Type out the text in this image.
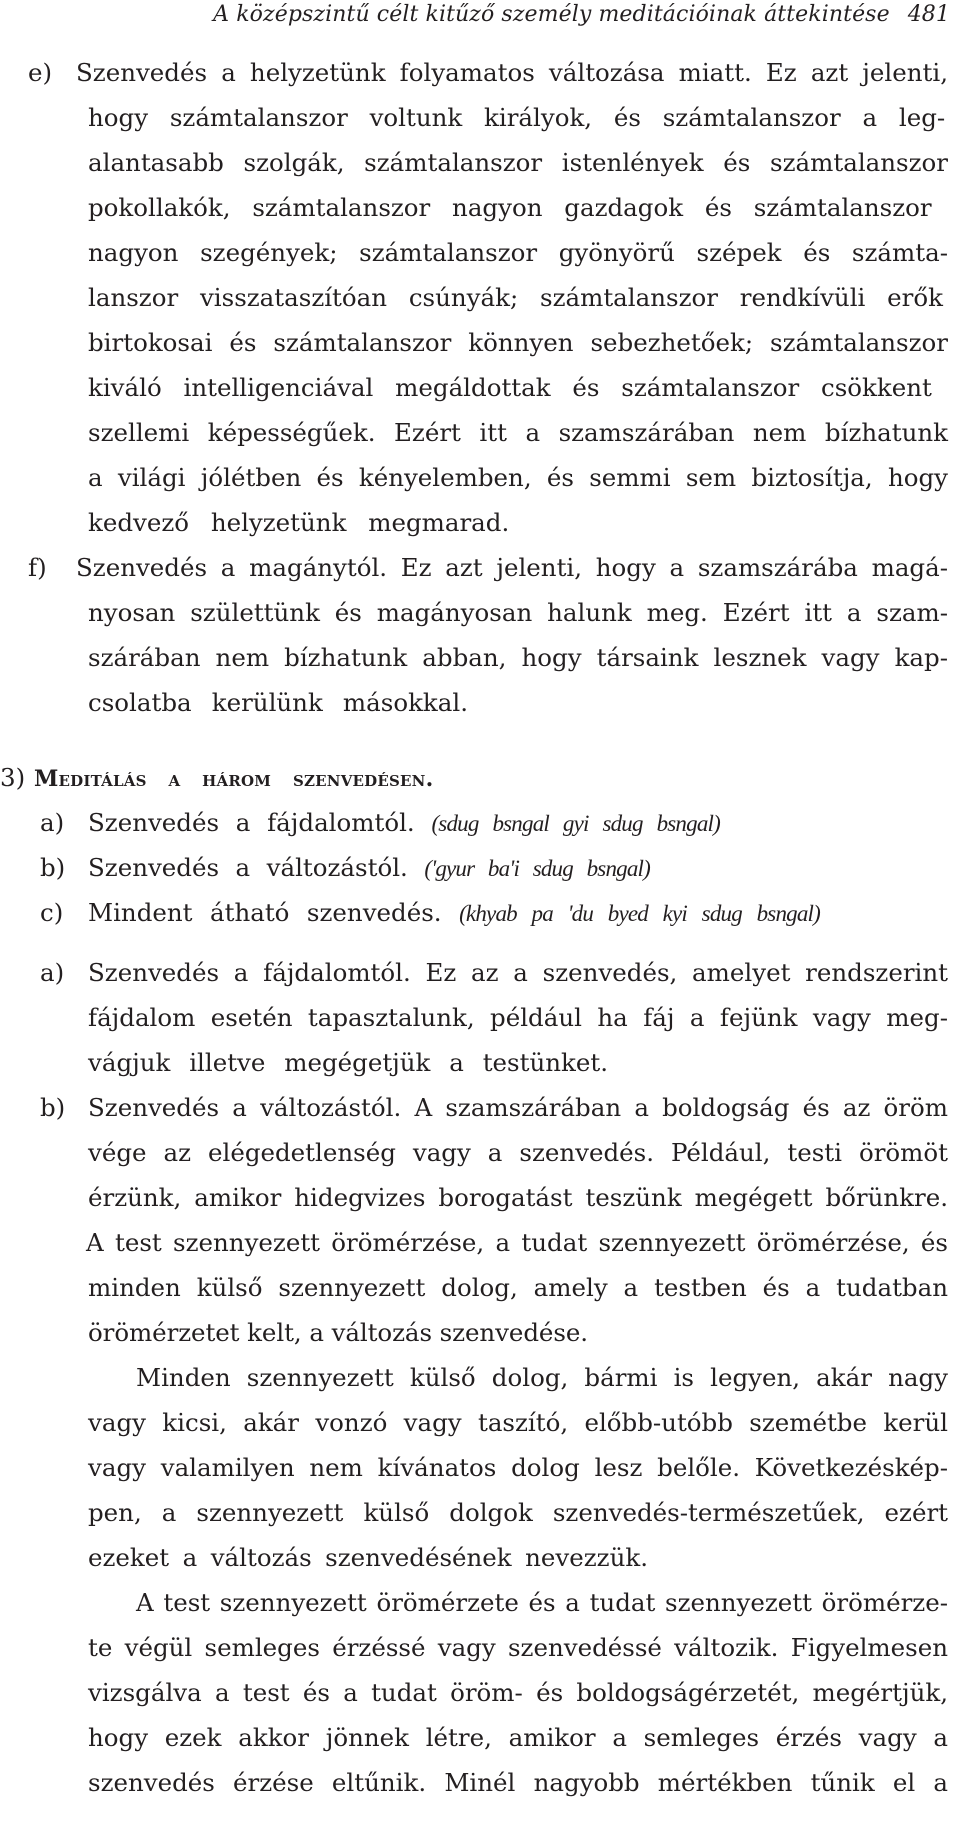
A középszintű célt kitűző személy meditációinak áttekintése 481
e) Szenvedés a helyzetünk folyamatos változása miatt. Ez azt jelenti,
hogy számtalanszor voltunk királyok, és számtalanszor a leg-
alantasabb szolgák, számtalanszor istenlények és számtalanszor
pokollakók, számtalanszor nagyon gazdagok és számtalanszor
nagyon szegények; számtalanszor gyönyörű szépek és számta-
lanszor visszataszítóan csúnyák; számtalanszor rendkívüli erők
birtokosai és számtalanszor könnyen sebezhetőek; számtalanszor
kiváló intelligenciával megáldottak és számtalanszor csökkent
szellemi képességűek. Ezért itt a szamszárában nem bízhatunk
a világi jólétben és kényelemben, és semmi sem biztosítja, hogy
kedvező helyzetünk megmarad.
f) Szenvedés a magánytól. Ez azt jelenti, hogy a szamszárába magá-
nyosan születtünk és magányosan halunk meg. Ezért itt a szam-
szárában nem bízhatunk abban, hogy társaink lesznek vagy kap-
csolatba kerülünk másokkal.
3) Meditálás a három szenvedésen.
a) Szenvedés a fájdalomtól. (sdug bsngal gyi sdug bsngal)
b) Szenvedés a változástól. ('gyur ba'i sdug bsngal)
c) Mindent átható szenvedés. (khyab pa 'du byed kyi sdug bsngal)
a) Szenvedés a fájdalomtól. Ez az a szenvedés, amelyet rendszerint
fájdalom esetén tapasztalunk, például ha fáj a fejünk vagy meg-
vágjuk illetve megégetjük a testünket.
b) Szenvedés a változástól. A szamszárában a boldogság és az öröm
vége az elégedetlenség vagy a szenvedés. Például, testi örömöt
érzünk, amikor hidegvizes borogatást teszünk megégett bőrünkre.
A test szennyezett örömérzése, a tudat szennyezett örömérzése, és
minden külső szennyezett dolog, amely a testben és a tudatban
örömérzetet kelt, a változás szenvedése.
Minden szennyezett külső dolog, bármi is legyen, akár nagy
vagy kicsi, akár vonzó vagy taszító, előbb-utóbb szemétbe kerül
vagy valamilyen nem kívánatos dolog lesz belőle. Következéskép-
pen, a szennyezett külső dolgok szenvedés-természetűek, ezért
ezeket a változás szenvedésének nevezzük.
A test szennyezett örömérzete és a tudat szennyezett örömérze-
te végül semleges érzéssé vagy szenvedéssé változik. Figyelmesen
vizsgálva a test és a tudat öröm- és boldogságérzetét, megértjük,
hogy ezek akkor jönnek létre, amikor a semleges érzés vagy a
szenvedés érzése eltűnik. Minél nagyobb mértékben tűnik el a
